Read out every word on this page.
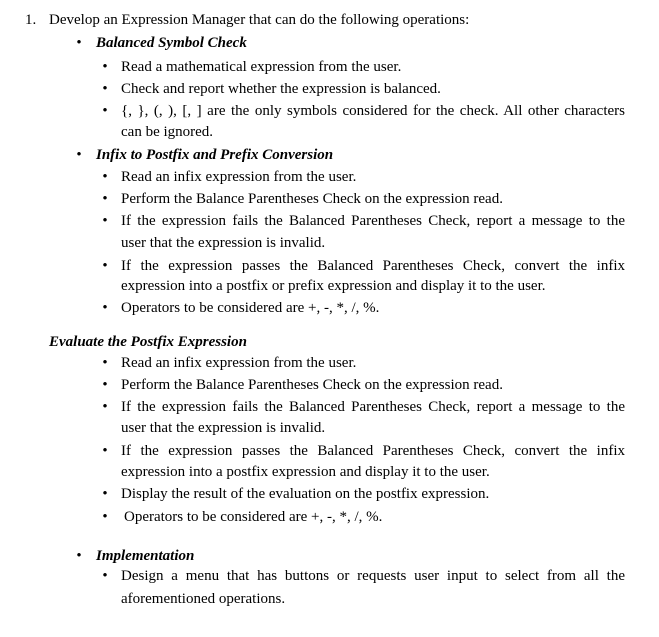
1. Develop an Expression Manager that can do the following operations:
• Balanced Symbol Check
• Read a mathematical expression from the user.
• Check and report whether the expression is balanced.
• {, }, (, ), [, ] are the only symbols considered for the check. All other characters
can be ignored.
• Infix to Postfix and Prefix Conversion
• Read an infix expression from the user.
• Perform the Balance Parentheses Check on the expression read.
• If the expression fails the Balanced Parentheses Check, report a message to the
user that the expression is invalid.
• If the expression passes the Balanced Parentheses Check, convert the infix
expression into a postfix or prefix expression and display it to the user.
• Operators to be considered are +, -, *, /, %.
Evaluate the Postfix Expression
• Read an infix expression from the user.
• Perform the Balance Parentheses Check on the expression read.
• If the expression fails the Balanced Parentheses Check, report a message to the
user that the expression is invalid.
• If the expression passes the Balanced Parentheses Check, convert the infix
expression into a postfix expression and display it to the user.
• Display the result of the evaluation on the postfix expression.
• Operators to be considered are +, -, *, /, %.
• Implementation
• Design a menu that has buttons or requests user input to select from all the
aforementioned operations.
